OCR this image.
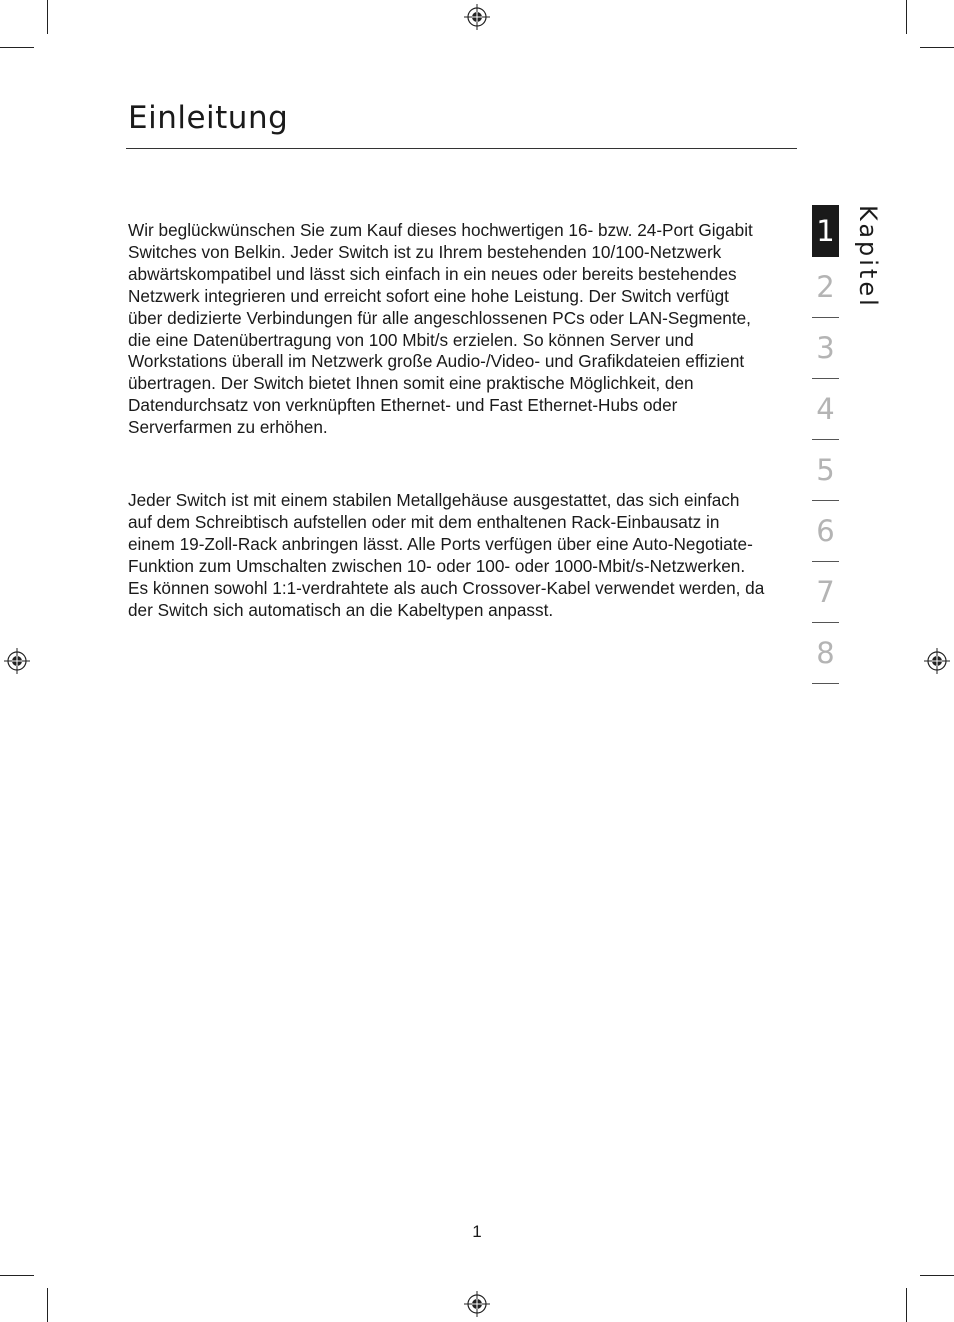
Einleitung

Wir beglückwünschen Sie zum Kauf dieses hochwertigen 16- bzw. 24-Port Gigabit Switches von Belkin. Jeder Switch ist zu Ihrem bestehenden 10/100-Netzwerk abwärtskompatibel und lässt sich einfach in ein neues oder bereits bestehendes Netzwerk integrieren und erreicht sofort eine hohe Leistung. Der Switch verfügt über dedizierte Verbindungen für alle angeschlossenen PCs oder LAN-Segmente, die eine Datenübertragung von 100 Mbit/s erzielen. So können Server und Workstations überall im Netzwerk große Audio-/Video- und Grafikdateien effizient übertragen. Der Switch bietet Ihnen somit eine praktische Möglichkeit, den Datendurchsatz von verknüpften Ethernet- und Fast Ethernet-Hubs oder Serverfarmen zu erhöhen.

Jeder Switch ist mit einem stabilen Metallgehäuse ausgestattet, das sich einfach auf dem Schreibtisch aufstellen oder mit dem enthaltenen Rack-Einbausatz in einem 19-Zoll-Rack anbringen lässt. Alle Ports verfügen über eine Auto-Negotiate-Funktion zum Umschalten zwischen 10- oder 100- oder 1000-Mbit/s-Netzwerken. Es können sowohl 1:1-verdrahtete als auch Crossover-Kabel verwendet werden, da der Switch sich automatisch an die Kabeltypen anpasst.

1
2
3
4
5
6
7
8
Kapitel
1
